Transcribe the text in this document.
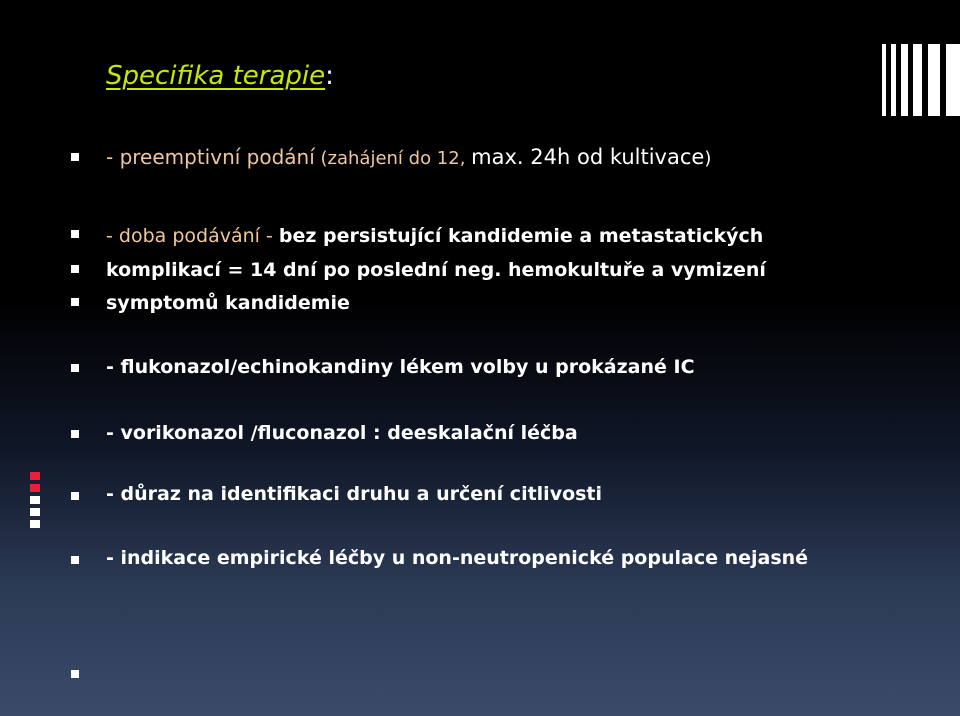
Specifika terapie:
- preemptivní podání (zahájení do 12, max. 24h od kultivace)
- doba podávání - bez persistující kandidemie a metastatických
komplikací = 14 dní po poslední neg. hemokultuře a vymizení
symptomů kandidemie
- flukonazol/echinokandiny lékem volby u prokázané IC
- vorikonazol /fluconazol : deeskalační léčba
- důraz na identifikaci druhu a určení citlivosti
- indikace empirické léčby u non-neutropenické populace nejasné
